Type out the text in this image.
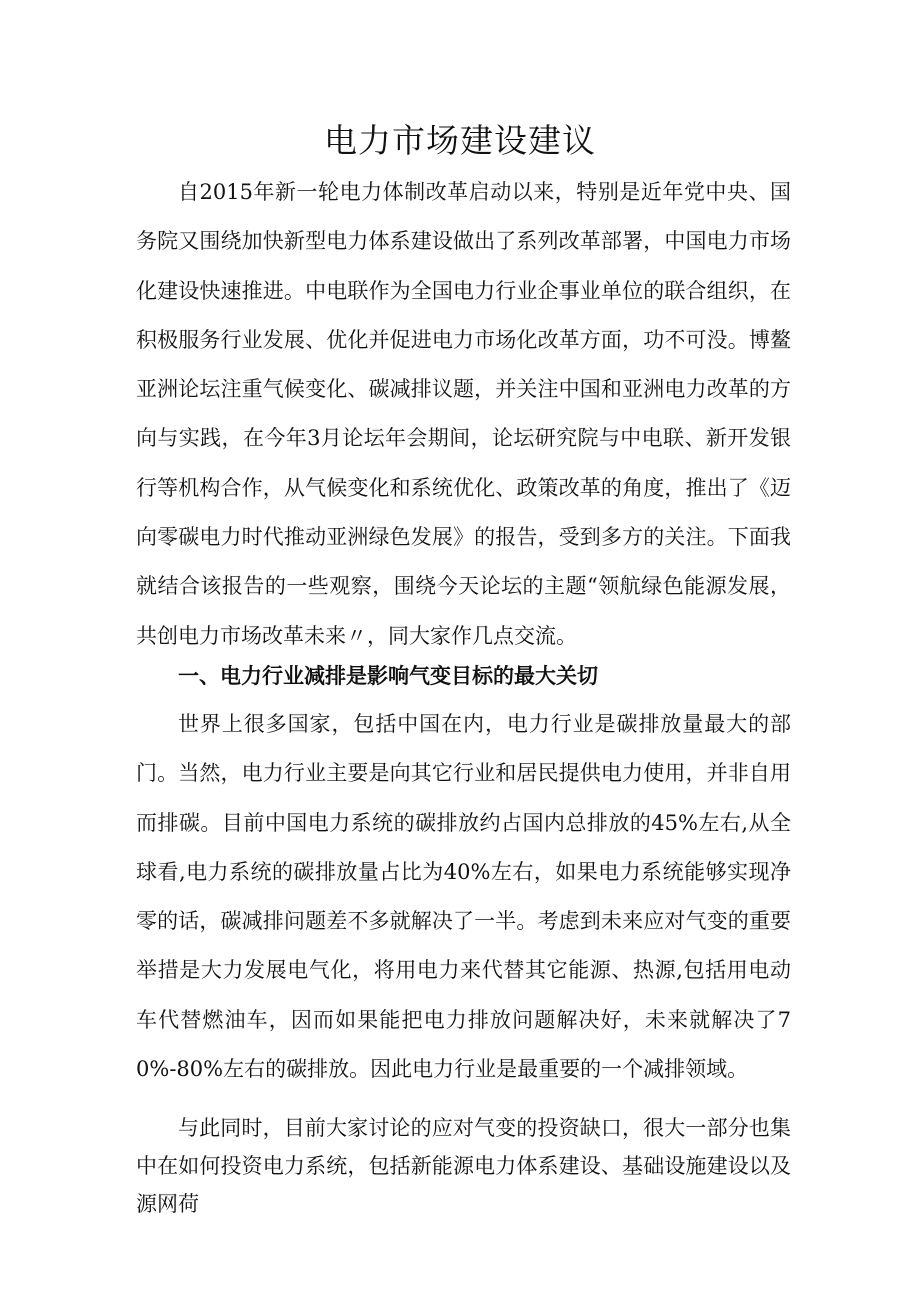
电力市场建设建议

自2015年新一轮电力体制改革启动以来，特别是近年党中央、国务院又围绕加快新型电力体系建设做出了系列改革部署，中国电力市场化建设快速推进。中电联作为全国电力行业企事业单位的联合组织，在积极服务行业发展、优化并促进电力市场化改革方面，功不可没。博鳌亚洲论坛注重气候变化、碳减排议题，并关注中国和亚洲电力改革的方向与实践，在今年3月论坛年会期间，论坛研究院与中电联、新开发银行等机构合作，从气候变化和系统优化、政策改革的角度，推出了《迈向零碳电力时代推动亚洲绿色发展》的报告，受到多方的关注。下面我就结合该报告的一些观察，围绕今天论坛的主题“领航绿色能源发展，共创电力市场改革未来〃，同大家作几点交流。

一、电力行业减排是影响气变目标的最大关切

世界上很多国家，包括中国在内，电力行业是碳排放量最大的部门。当然，电力行业主要是向其它行业和居民提供电力使用，并非自用而排碳。目前中国电力系统的碳排放约占国内总排放的45%左右,从全球看,电力系统的碳排放量占比为40%左右，如果电力系统能够实现净零的话，碳减排问题差不多就解决了一半。考虑到未来应对气变的重要举措是大力发展电气化，将用电力来代替其它能源、热源,包括用电动车代替燃油车，因而如果能把电力排放问题解决好，未来就解决了70%-80%左右的碳排放。因此电力行业是最重要的一个减排领域。

与此同时，目前大家讨论的应对气变的投资缺口，很大一部分也集中在如何投资电力系统，包括新能源电力体系建设、基础设施建设以及源网荷
